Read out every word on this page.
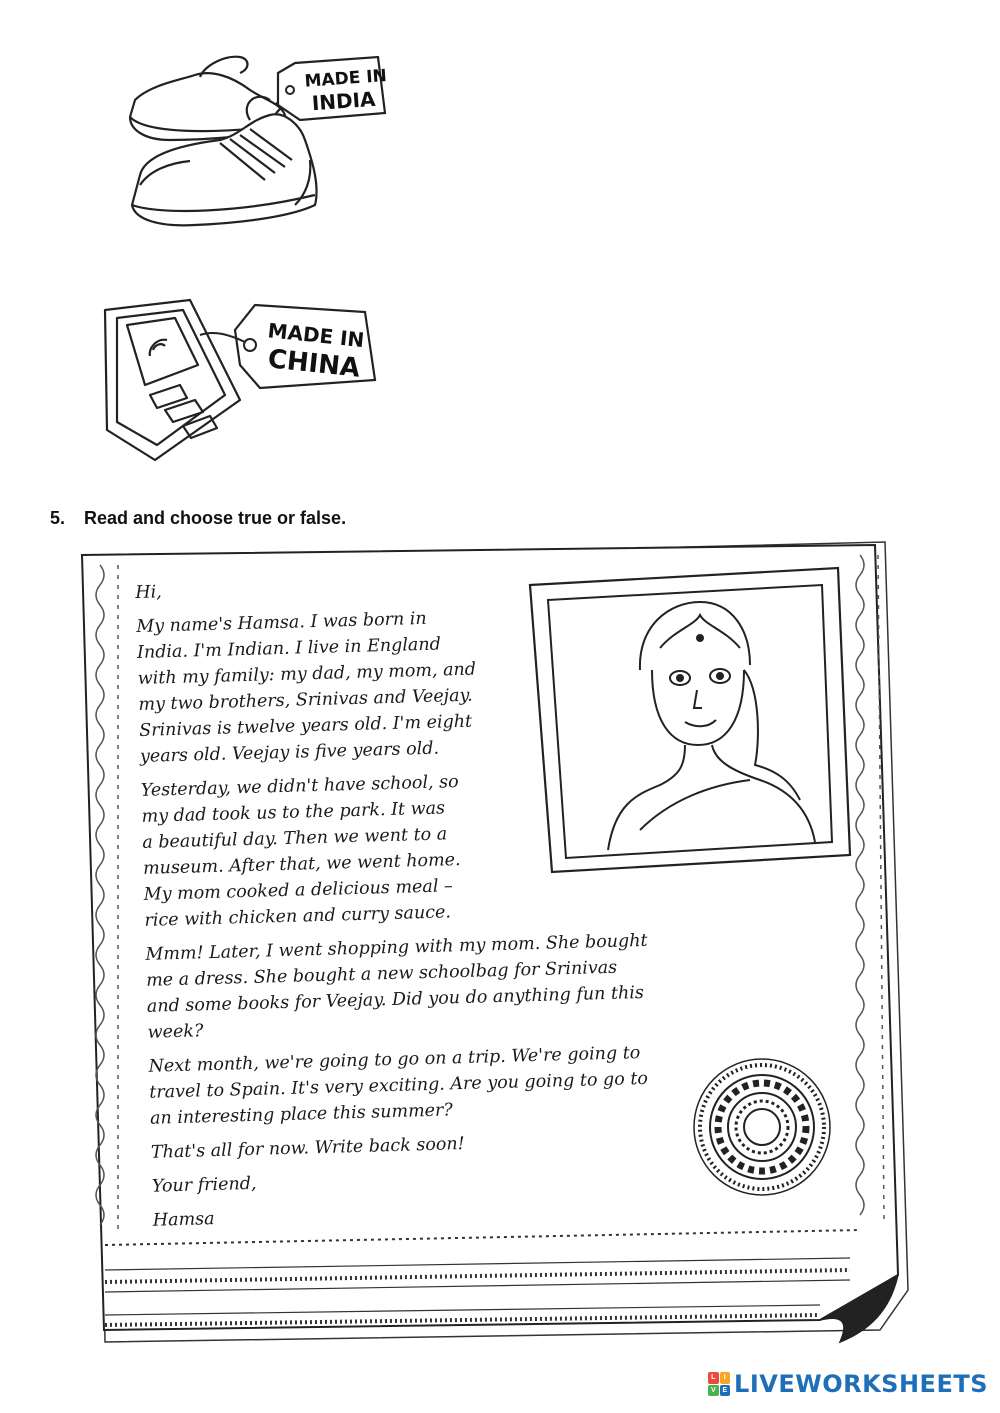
MADE IN
INDIA
MADE IN
CHINA
5. Read and choose true or false.

Hi,

My name's Hamsa. I was born in
India. I'm Indian. I live in England
with my family: my dad, my mom, and
my two brothers, Srinivas and Veejay.
Srinivas is twelve years old. I'm eight
years old. Veejay is five years old.

Yesterday, we didn't have school, so
my dad took us to the park. It was
a beautiful day. Then we went to a
museum. After that, we went home.
My mom cooked a delicious meal –
rice with chicken and curry sauce.

Mmm! Later, I went shopping with my mom. She bought
me a dress. She bought a new schoolbag for Srinivas
and some books for Veejay. Did you do anything fun this
week?

Next month, we're going to go on a trip. We're going to
travel to Spain. It's very exciting. Are you going to go to
an interesting place this summer?

That's all for now. Write back soon!

Your friend,

Hamsa

L	I
V E LIVEWORKSHEETS
